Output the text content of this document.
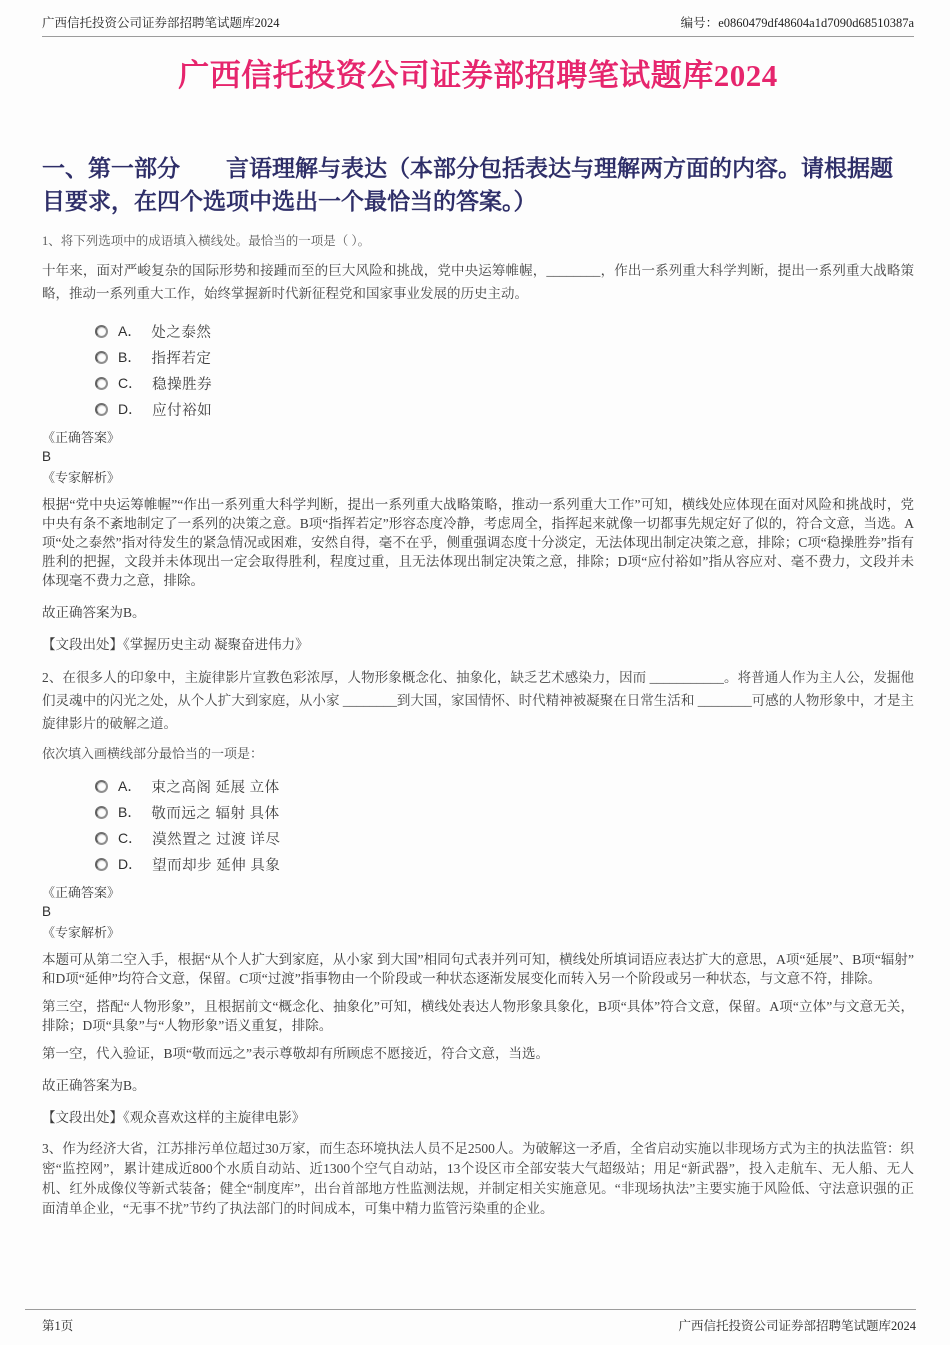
广西信托投资公司证券部招聘笔试题库2024	编号：e0860479df48604a1d7090d68510387a
广西信托投资公司证券部招聘笔试题库2024
一、第一部分　　言语理解与表达（本部分包括表达与理解两方面的内容。请根据题目要求，在四个选项中选出一个最恰当的答案。）

1、将下列选项中的成语填入横线处。最恰当的一项是（ ）。

十年来，面对严峻复杂的国际形势和接踵而至的巨大风险和挑战，党中央运筹帷幄，________，作出一系列重大科学判断，提出一系列重大战略策略，推动一系列重大工作，始终掌握新时代新征程党和国家事业发展的历史主动。

A． 处之泰然
B． 指挥若定
C． 稳操胜券
D． 应付裕如

《正确答案》

B

《专家解析》

根据“党中央运筹帷幄”“作出一系列重大科学判断，提出一系列重大战略策略，推动一系列重大工作”可知，横线处应体现在面对风险和挑战时，党中央有条不紊地制定了一系列的决策之意。B项“指挥若定”形容态度冷静，考虑周全，指挥起来就像一切都事先规定好了似的，符合文意，当选。A项“处之泰然”指对待发生的紧急情况或困难，安然自得，毫不在乎，侧重强调态度十分淡定，无法体现出制定决策之意，排除；C项“稳操胜券”指有胜利的把握，文段并未体现出一定会取得胜利，程度过重，且无法体现出制定决策之意，排除；D项“应付裕如”指从容应对、毫不费力，文段并未体现毫不费力之意，排除。

故正确答案为B。

【文段出处】《掌握历史主动 凝聚奋进伟力》

2、在很多人的印象中，主旋律影片宣教色彩浓厚，人物形象概念化、抽象化，缺乏艺术感染力，因而 ___________。将普通人作为主人公，发掘他们灵魂中的闪光之处，从个人扩大到家庭，从小家 ________到大国，家国情怀、时代精神被凝聚在日常生活和 ________可感的人物形象中，才是主旋律影片的破解之道。

依次填入画横线部分最恰当的一项是：

A． 束之高阁 延展 立体
B． 敬而远之 辐射 具体
C． 漠然置之 过渡 详尽
D． 望而却步 延伸 具象

《正确答案》

B

《专家解析》

本题可从第二空入手，根据“从个人扩大到家庭，从小家 到大国”相同句式表并列可知，横线处所填词语应表达扩大的意思，A项“延展”、B项“辐射”和D项“延伸”均符合文意，保留。C项“过渡”指事物由一个阶段或一种状态逐渐发展变化而转入另一个阶段或另一种状态，与文意不符，排除。

第三空，搭配“人物形象”，且根据前文“概念化、抽象化”可知，横线处表达人物形象具象化，B项“具体”符合文意，保留。A项“立体”与文意无关，排除；D项“具象”与“人物形象”语义重复，排除。

第一空，代入验证，B项“敬而远之”表示尊敬却有所顾虑不愿接近，符合文意，当选。

故正确答案为B。

【文段出处】《观众喜欢这样的主旋律电影》

3、作为经济大省，江苏排污单位超过30万家，而生态环境执法人员不足2500人。为破解这一矛盾，全省启动实施以非现场方式为主的执法监管：织密“监控网”，累计建成近800个水质自动站、近1300个空气自动站，13个设区市全部安装大气超级站；用足“新武器”，投入走航车、无人船、无人机、红外成像仪等新式装备；健全“制度库”，出台首部地方性监测法规，并制定相关实施意见。“非现场执法”主要实施于风险低、守法意识强的正面清单企业，“无事不扰”节约了执法部门的时间成本，可集中精力监管污染重的企业。

第1页	广西信托投资公司证券部招聘笔试题库2024
